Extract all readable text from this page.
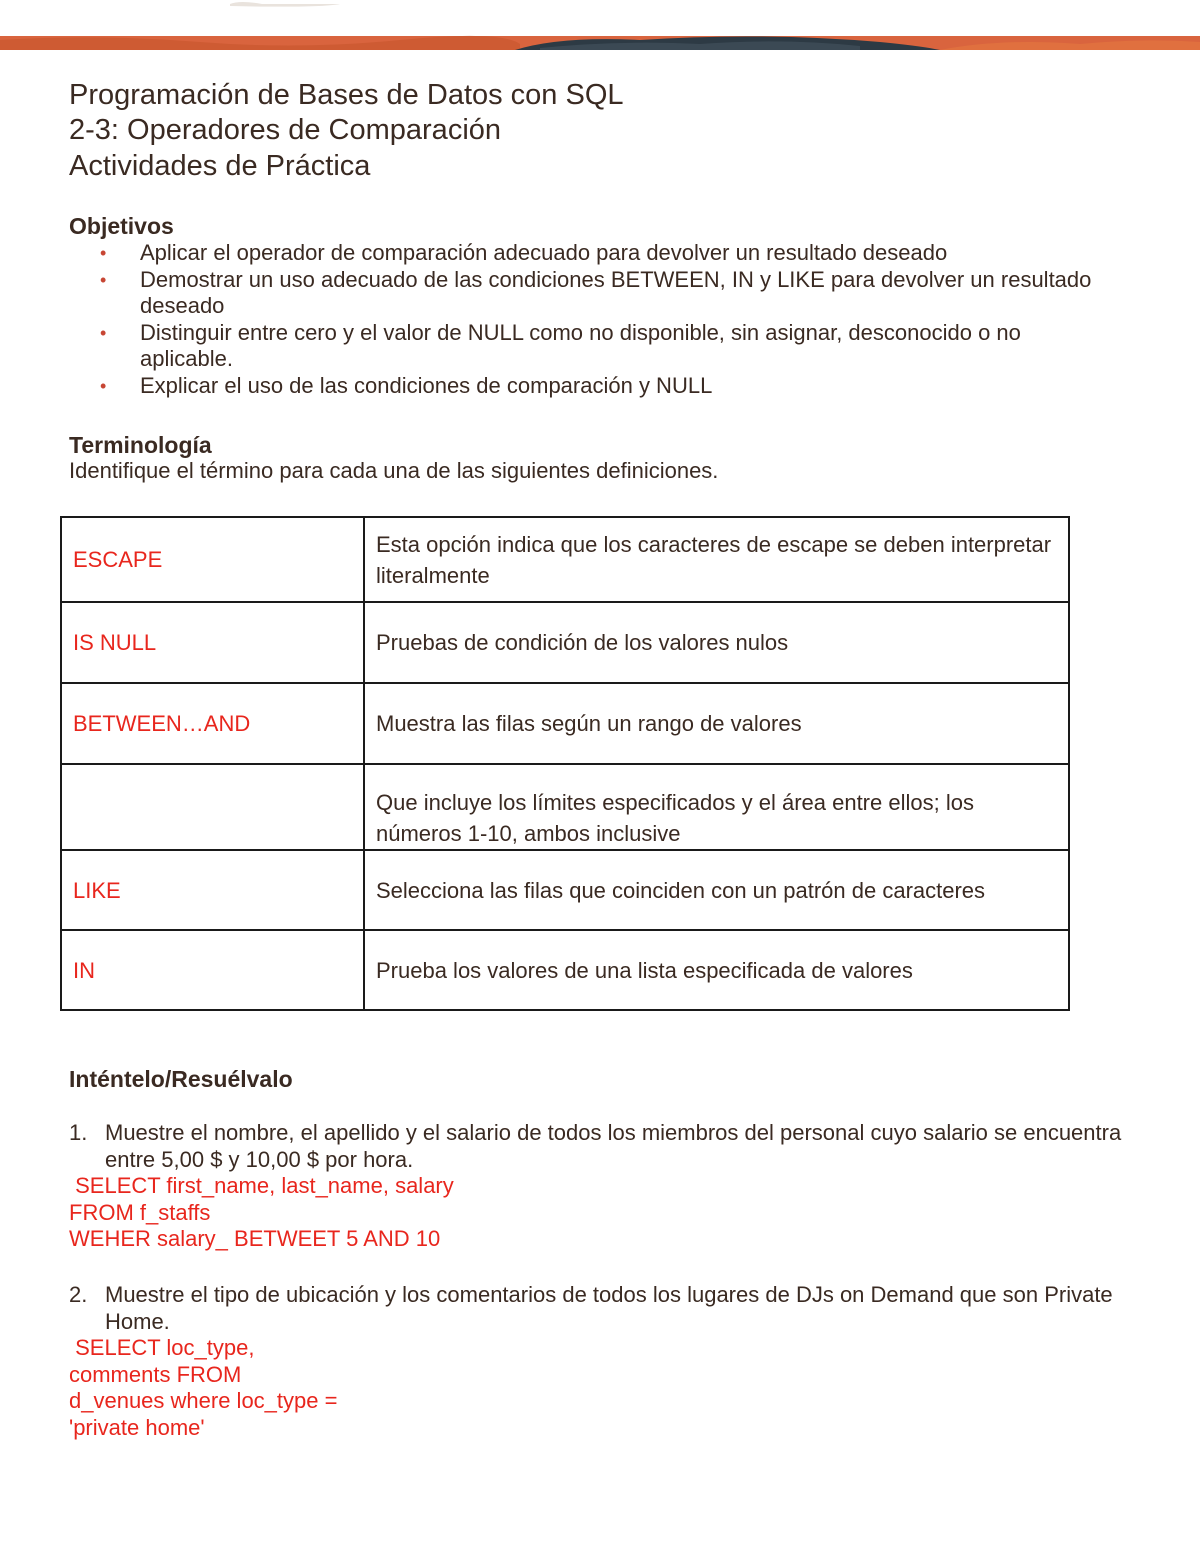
Programación de Bases de Datos con SQL
2-3: Operadores de Comparación
Actividades de Práctica
Objetivos
• Aplicar el operador de comparación adecuado para devolver un resultado deseado
• Demostrar un uso adecuado de las condiciones BETWEEN, IN y LIKE para devolver un resultado deseado
• Distinguir entre cero y el valor de NULL como no disponible, sin asignar, desconocido o no aplicable.
• Explicar el uso de las condiciones de comparación y NULL
Terminología
Identifique el término para cada una de las siguientes definiciones.
ESCAPE	Esta opción indica que los caracteres de escape se deben interpretar literalmente
IS NULL	Pruebas de condición de los valores nulos
BETWEEN…AND	Muestra las filas según un rango de valores
	Que incluye los límites especificados y el área entre ellos; los números 1-10, ambos inclusive
LIKE	Selecciona las filas que coinciden con un patrón de caracteres
IN	Prueba los valores de una lista especificada de valores
Inténtelo/Resuélvalo
1. Muestre el nombre, el apellido y el salario de todos los miembros del personal cuyo salario se encuentra entre 5,00 $ y 10,00 $ por hora.
SELECT first_name, last_name, salary
FROM f_staffs
WEHER salary_ BETWEET 5 AND 10
2. Muestre el tipo de ubicación y los comentarios de todos los lugares de DJs on Demand que son Private Home.
SELECT loc_type,
comments FROM
d_venues where loc_type =
'private home'
